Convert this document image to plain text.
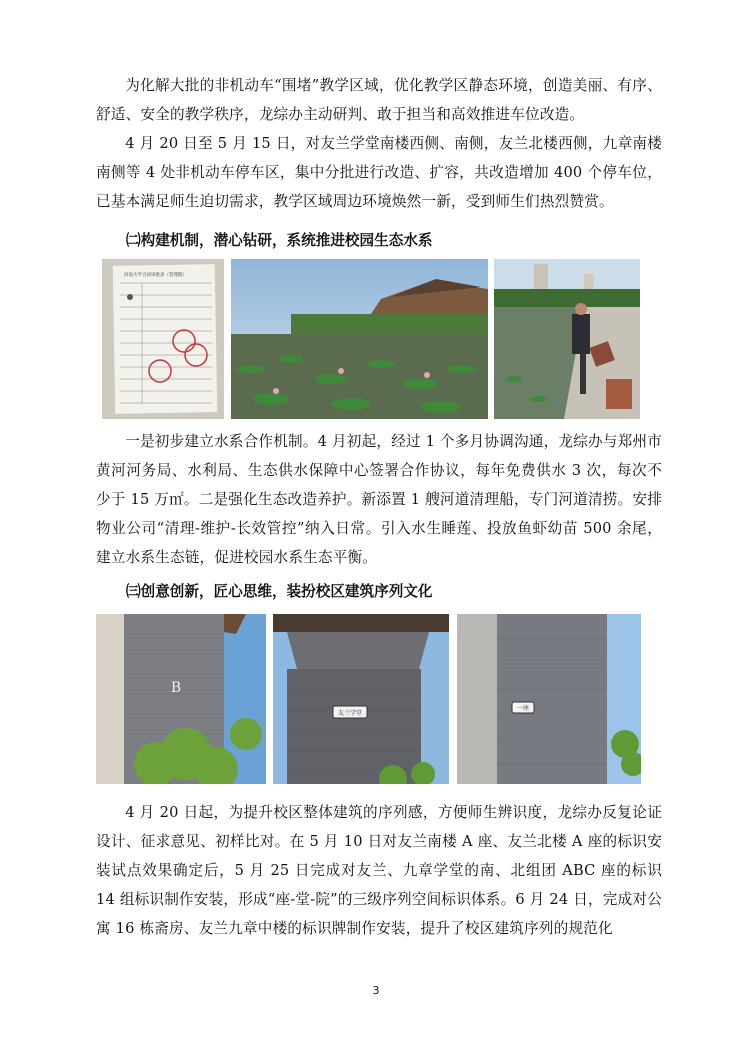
为化解大批的非机动车“围堵”教学区域，优化教学区静态环境，创造美丽、有序、舒适、安全的教学秩序，龙综办主动研判、敢于担当和高效推进车位改造。

4 月 20 日至 5 月 15 日，对友兰学堂南楼西侧、南侧，友兰北楼西侧，九章南楼南侧等 4 处非机动车停车区，集中分批进行改造、扩容，共改造增加 400 个停车位，已基本满足师生迫切需求，教学区域周边环境焕然一新，受到师生们热烈赞赏。

㈡构建机制，潜心钻研，系统推进校园生态水系

河南大学合同审批表（管理版）

一是初步建立水系合作机制。4 月初起，经过 1 个多月协调沟通，龙综办与郑州市黄河河务局、水利局、生态供水保障中心签署合作协议，每年免费供水 3 次，每次不少于 15 万㎡。二是强化生态改造养护。新添置 1 艘河道清理船，专门河道清捞。安排物业公司“清理-维护-长效管控”纳入日常。引入水生睡莲、投放鱼虾幼苗 500 余尾，建立水系生态链，促进校园水系生态平衡。

㈢创意创新，匠心思维，装扮校区建筑序列文化

B
友兰学堂
一座

4 月 20 日起，为提升校区整体建筑的序列感，方便师生辨识度，龙综办反复论证设计、征求意见、初样比对。在 5 月 10 日对友兰南楼 A 座、友兰北楼 A 座的标识安装试点效果确定后，5 月 25 日完成对友兰、九章学堂的南、北组团 ABC 座的标识 14 组标识制作安装，形成“座-堂-院”的三级序列空间标识体系。6 月 24 日，完成对公寓 16 栋斋房、友兰九章中楼的标识牌制作安装，提升了校区建筑序列的规范化

3
